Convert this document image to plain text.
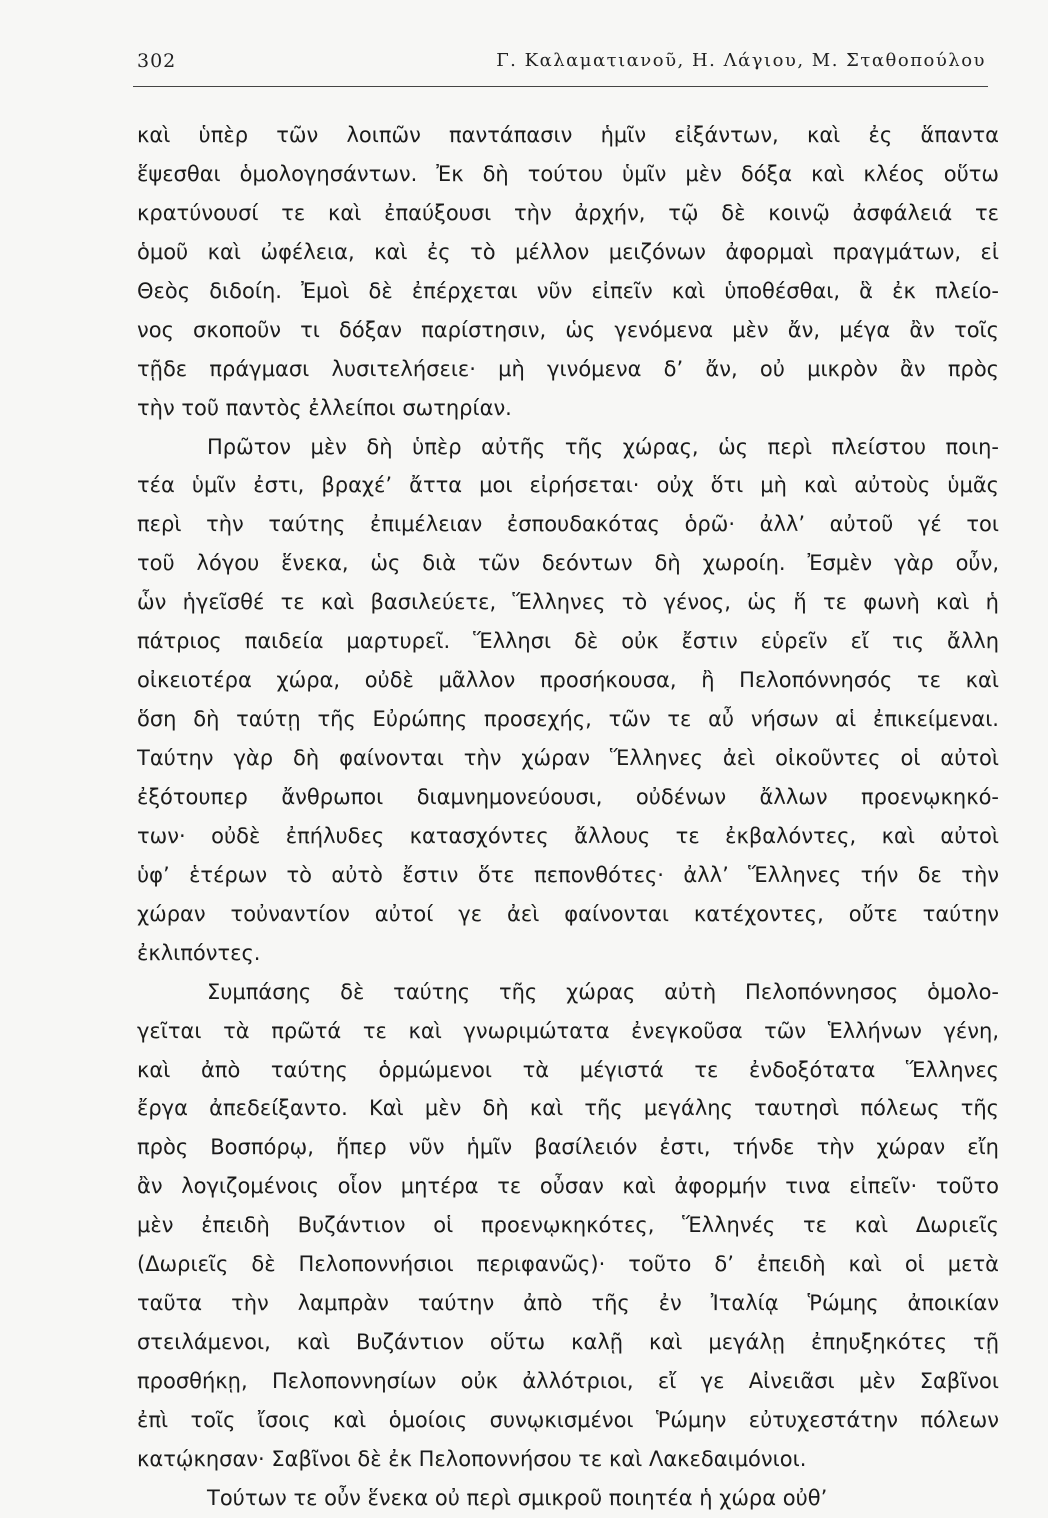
302	Γ. Καλαματιανοῦ, Η. Λάγιου, Μ. Σταθοπούλου
καὶ ὑπὲρ τῶν λοιπῶν παντάπασιν ἡμῖν εἰξάντων, καὶ ἐς ἅπαντα
ἕψεσθαι ὁμολογησάντων. Ἐκ δὴ τούτου ὑμῖν μὲν δόξα καὶ κλέος οὕτω
κρατύνουσί τε καὶ ἐπαύξουσι τὴν ἀρχήν, τῷ δὲ κοινῷ ἀσφάλειά τε
ὁμοῦ καὶ ὠφέλεια, καὶ ἐς τὸ μέλλον μειζόνων ἀφορμαὶ πραγμάτων, εἰ
Θεὸς διδοίη. Ἐμοὶ δὲ ἐπέρχεται νῦν εἰπεῖν καὶ ὑποθέσθαι, ἃ ἐκ πλείο-
νος σκοποῦν τι δόξαν παρίστησιν, ὡς γενόμενα μὲν ἄν, μέγα ἂν τοῖς
τῇδε πράγμασι λυσιτελήσειε· μὴ γινόμενα δ’ ἄν, οὐ μικρὸν ἂν πρὸς
τὴν τοῦ παντὸς ἐλλείποι σωτηρίαν.
Πρῶτον μὲν δὴ ὑπὲρ αὐτῆς τῆς χώρας, ὡς περὶ πλείστου ποιη-
τέα ὑμῖν ἐστι, βραχέ’ ἄττα μοι εἰρήσεται· οὐχ ὅτι μὴ καὶ αὐτοὺς ὑμᾶς
περὶ τὴν ταύτης ἐπιμέλειαν ἐσπουδακότας ὁρῶ· ἀλλ’ αὐτοῦ γέ τοι
τοῦ λόγου ἕνεκα, ὡς διὰ τῶν δεόντων δὴ χωροίη. Ἐσμὲν γὰρ οὖν,
ὧν ἡγεῖσθέ τε καὶ βασιλεύετε, Ἕλληνες τὸ γένος, ὡς ἥ τε φωνὴ καὶ ἡ
πάτριος παιδεία μαρτυρεῖ. Ἕλλησι δὲ οὐκ ἔστιν εὑρεῖν εἴ τις ἄλλη
οἰκειοτέρα χώρα, οὐδὲ μᾶλλον προσήκουσα, ἢ Πελοπόννησός τε καὶ
ὅση δὴ ταύτῃ τῆς Εὐρώπης προσεχής, τῶν τε αὖ νήσων αἱ ἐπικείμεναι.
Ταύτην γὰρ δὴ φαίνονται τὴν χώραν Ἕλληνες ἀεὶ οἰκοῦντες οἱ αὐτοὶ
ἐξότουπερ ἄνθρωποι διαμνημονεύουσι, οὐδένων ἄλλων προενῳκηκό-
των· οὐδὲ ἐπήλυδες κατασχόντες ἄλλους τε ἐκβαλόντες, καὶ αὐτοὶ
ὑφ’ ἑτέρων τὸ αὐτὸ ἔστιν ὅτε πεπονθότες· ἀλλ’ Ἕλληνες τήν δε τὴν
χώραν τοὐναντίον αὐτοί γε ἀεὶ φαίνονται κατέχοντες, οὔτε ταύτην
ἐκλιπόντες.
Συμπάσης δὲ ταύτης τῆς χώρας αὐτὴ Πελοπόννησος ὁμολο-
γεῖται τὰ πρῶτά τε καὶ γνωριμώτατα ἐνεγκοῦσα τῶν Ἑλλήνων γένη,
καὶ ἀπὸ ταύτης ὁρμώμενοι τὰ μέγιστά τε ἐνδοξότατα Ἕλληνες
ἔργα ἀπεδείξαντο. Καὶ μὲν δὴ καὶ τῆς μεγάλης ταυτησὶ πόλεως τῆς
πρὸς Βοσπόρῳ, ἥπερ νῦν ἡμῖν βασίλειόν ἐστι, τήνδε τὴν χώραν εἴη
ἂν λογιζομένοις οἷον μητέρα τε οὖσαν καὶ ἀφορμήν τινα εἰπεῖν· τοῦτο
μὲν ἐπειδὴ Βυζάντιον οἱ προενῳκηκότες, Ἕλληνές τε καὶ Δωριεῖς
(Δωριεῖς δὲ Πελοποννήσιοι περιφανῶς)· τοῦτο δ’ ἐπειδὴ καὶ οἱ μετὰ
ταῦτα τὴν λαμπρὰν ταύτην ἀπὸ τῆς ἐν Ἰταλίᾳ Ῥώμης ἀποικίαν
στειλάμενοι, καὶ Βυζάντιον οὕτω καλῇ καὶ μεγάλῃ ἐπηυξηκότες τῇ
προσθήκῃ, Πελοποννησίων οὐκ ἀλλότριοι, εἴ γε Αἰνειᾶσι μὲν Σαβῖνοι
ἐπὶ τοῖς ἴσοις καὶ ὁμοίοις συνῳκισμένοι Ῥώμην εὐτυχεστάτην πόλεων
κατῴκησαν· Σαβῖνοι δὲ ἐκ Πελοποννήσου τε καὶ Λακεδαιμόνιοι.
Τούτων τε οὖν ἕνεκα οὐ περὶ σμικροῦ ποιητέα ἡ χώρα οὐθ’
